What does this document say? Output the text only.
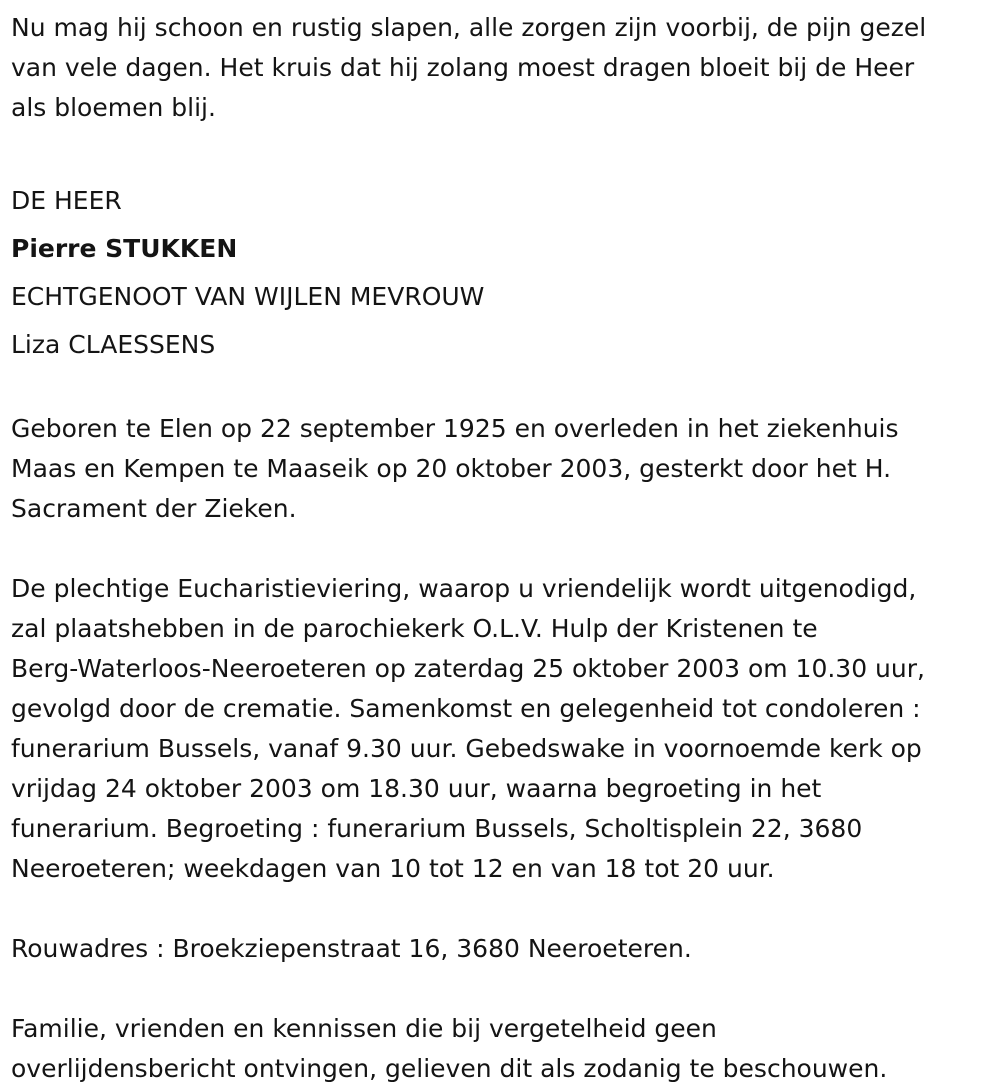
Nu mag hij schoon en rustig slapen, alle zorgen zijn voorbij, de pijn gezel
van vele dagen. Het kruis dat hij zolang moest dragen bloeit bij de Heer
als bloemen blij.

DE HEER
Pierre STUKKEN
ECHTGENOOT VAN WIJLEN MEVROUW
Liza CLAESSENS

Geboren te Elen op 22 september 1925 en overleden in het ziekenhuis
Maas en Kempen te Maaseik op 20 oktober 2003, gesterkt door het H.
Sacrament der Zieken.

De plechtige Eucharistieviering, waarop u vriendelijk wordt uitgenodigd,
zal plaatshebben in de parochiekerk O.L.V. Hulp der Kristenen te
Berg-Waterloos-Neeroeteren op zaterdag 25 oktober 2003 om 10.30 uur,
gevolgd door de crematie. Samenkomst en gelegenheid tot condoleren :
funerarium Bussels, vanaf 9.30 uur. Gebedswake in voornoemde kerk op
vrijdag 24 oktober 2003 om 18.30 uur, waarna begroeting in het
funerarium. Begroeting : funerarium Bussels, Scholtisplein 22, 3680
Neeroeteren; weekdagen van 10 tot 12 en van 18 tot 20 uur.

Rouwadres : Broekziepenstraat 16, 3680 Neeroeteren.

Familie, vrienden en kennissen die bij vergetelheid geen
overlijdensbericht ontvingen, gelieven dit als zodanig te beschouwen.
